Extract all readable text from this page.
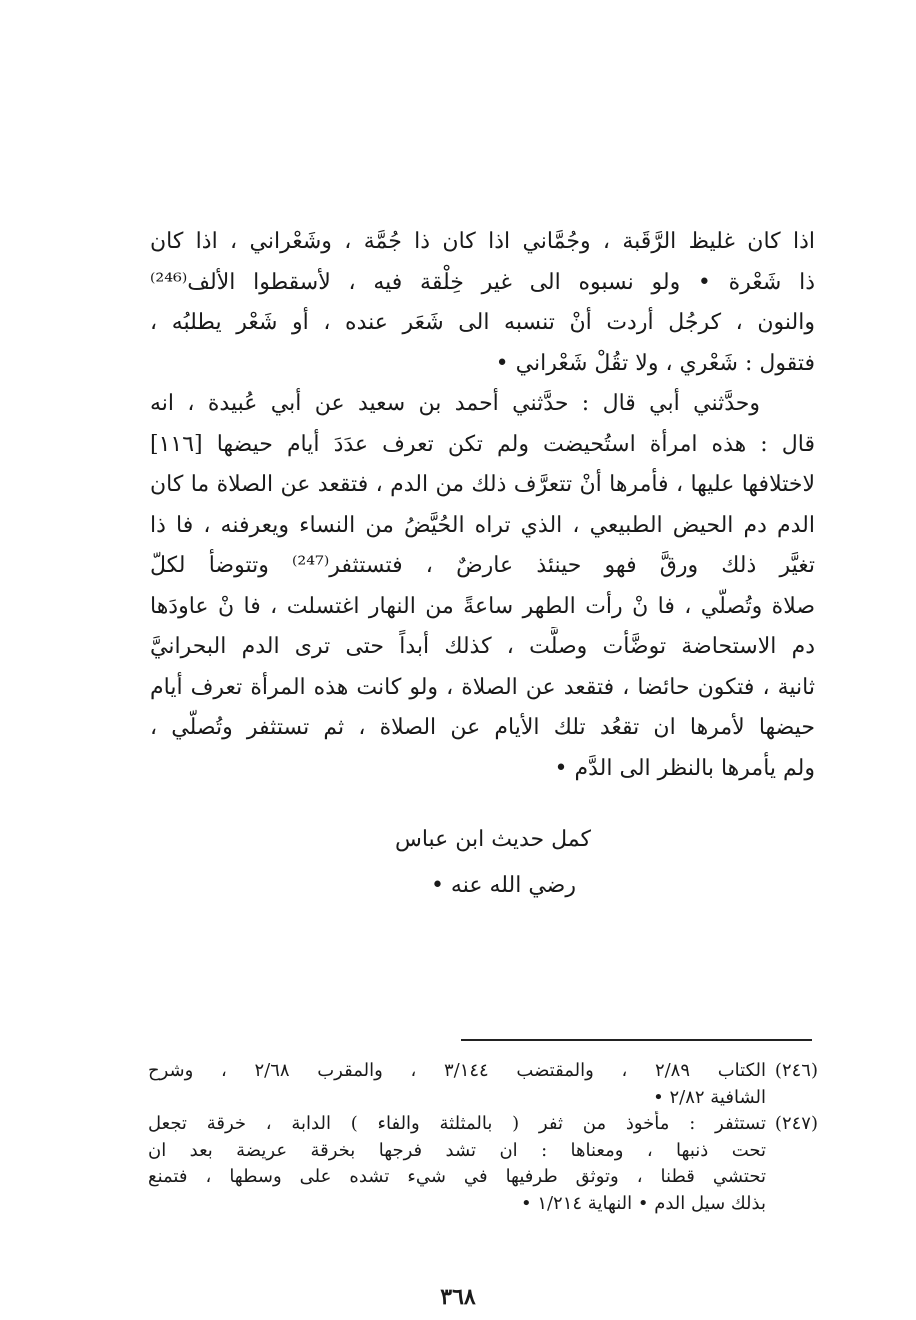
اذا كان غليظ الرَّقَبة ، وجُمَّاني اذا كان ذا جُمَّة ، وشَعْراني ، اذا كان
ذا شَعْرة • ولو نسبوه الى غير خِلْقة فيه ، لأسقطوا الألف⁽²⁴⁶⁾
والنون ، كرجُل أردت أنْ تنسبه الى شَعَر عنده ، أو شَعْر يطلبُه ،
فتقول : شَعْري ، ولا تقُلْ شَعْراني •
وحدَّثني أبي قال : حدَّثني أحمد بن سعيد عن أبي عُبيدة ، انه
قال : هذه امرأة استُحيضت ولم تكن تعرف عدَدَ أيام حيضها [١١٦]
لاختلافها عليها ، فأمرها أنْ تتعرَّف ذلك من الدم ، فتقعد عن الصلاة ما كان
الدم دم الحيض الطبيعي ، الذي تراه الحُيَّضُ من النساء ويعرفنه ، فا ذا
تغيَّر ذلك ورقَّ فهو حينئذ عارضٌ ، فتستثفر⁽²⁴⁷⁾ وتتوضأ لكلّ
صلاة وتُصلّي ، فا نْ رأت الطهر ساعةً من النهار اغتسلت ، فا نْ عاودَها
دم الاستحاضة توضَّأت وصلَّت ، كذلك أبداً حتى ترى الدم البحرانيَّ
ثانية ، فتكون حائضا ، فتقعد عن الصلاة ، ولو كانت هذه المرأة تعرف أيام
حيضها لأمرها ان تقعُد تلك الأيام عن الصلاة ، ثم تستثفر وتُصلّي ،
ولم يأمرها بالنظر الى الدَّم •
كمل حديث ابن عباس
رضي الله عنه •
(٢٤٦)
الكتاب ٢/٨٩ ، والمقتضب ٣/١٤٤ ، والمقرب ٢/٦٨ ، وشرح
الشافية ٢/٨٢ •
(٢٤٧)
تستثفر : مأخوذ من ثفر ( بالمثلثة والفاء ) الدابة ، خرقة تجعل
تحت ذنبها ، ومعناها : ان تشد فرجها بخرقة عريضة بعد ان
تحتشي قطنا ، وتوثق طرفيها في شيء تشده على وسطها ، فتمنع
بذلك سيل الدم • النهاية ١/٢١٤ •
٣٦٨
